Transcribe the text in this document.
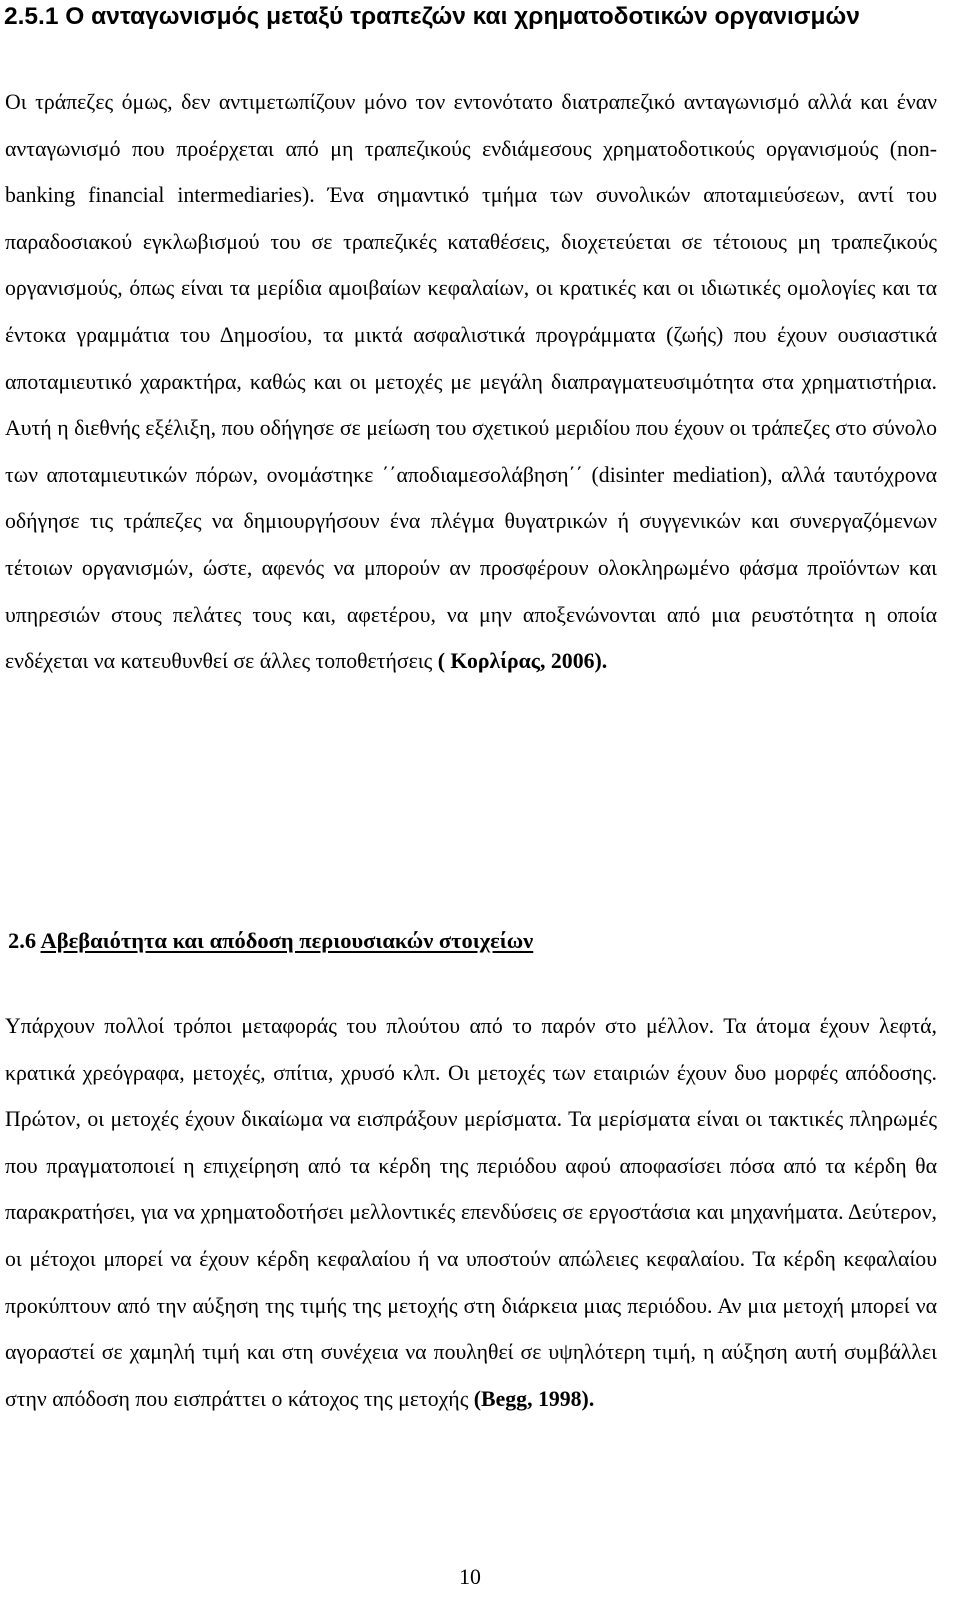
2.5.1 Ο ανταγωνισμός μεταξύ τραπεζών και χρηματοδοτικών οργανισμών
Οι τράπεζες όμως, δεν αντιμετωπίζουν μόνο τον εντονότατο διατραπεζικό ανταγωνισμό αλλά και έναν ανταγωνισμό που προέρχεται από μη τραπεζικούς ενδιάμεσους χρηματοδοτικούς οργανισμούς (non-banking financial intermediaries). Ένα σημαντικό τμήμα των συνολικών αποταμιεύσεων, αντί του παραδοσιακού εγκλωβισμού του σε τραπεζικές καταθέσεις, διοχετεύεται σε τέτοιους μη τραπεζικούς οργανισμούς, όπως είναι τα μερίδια αμοιβαίων κεφαλαίων, οι κρατικές και οι ιδιωτικές ομολογίες και τα έντοκα γραμμάτια του Δημοσίου, τα μικτά ασφαλιστικά προγράμματα (ζωής) που έχουν ουσιαστικά αποταμιευτικό χαρακτήρα, καθώς και οι μετοχές με μεγάλη διαπραγματευσιμότητα στα χρηματιστήρια. Αυτή η διεθνής εξέλιξη, που οδήγησε σε μείωση του σχετικού μεριδίου που έχουν οι τράπεζες στο σύνολο των αποταμιευτικών πόρων, ονομάστηκε ΄΄αποδιαμεσολάβηση΄΄ (disinter mediation), αλλά ταυτόχρονα οδήγησε τις τράπεζες να δημιουργήσουν ένα πλέγμα θυγατρικών ή συγγενικών και συνεργαζόμενων τέτοιων οργανισμών, ώστε, αφενός να μπορούν αν προσφέρουν ολοκληρωμένο φάσμα προϊόντων και υπηρεσιών στους πελάτες τους και, αφετέρου, να μην αποξενώνονται από μια ρευστότητα η οποία ενδέχεται να κατευθυνθεί σε άλλες τοποθετήσεις ( Κορλίρας, 2006).
2.6 Αβεβαιότητα και απόδοση περιουσιακών στοιχείων
Υπάρχουν πολλοί τρόποι μεταφοράς του πλούτου από το παρόν στο μέλλον. Τα άτομα έχουν λεφτά, κρατικά χρεόγραφα, μετοχές, σπίτια, χρυσό κλπ. Οι μετοχές των εταιριών έχουν δυο μορφές απόδοσης. Πρώτον, οι μετοχές έχουν δικαίωμα να εισπράξουν μερίσματα. Τα μερίσματα είναι οι τακτικές πληρωμές που πραγματοποιεί η επιχείρηση από τα κέρδη της περιόδου αφού αποφασίσει πόσα από τα κέρδη θα παρακρατήσει, για να χρηματοδοτήσει μελλοντικές επενδύσεις σε εργοστάσια και μηχανήματα. Δεύτερον, οι μέτοχοι μπορεί να έχουν κέρδη κεφαλαίου ή να υποστούν απώλειες κεφαλαίου. Τα κέρδη κεφαλαίου προκύπτουν από την αύξηση της τιμής της μετοχής στη διάρκεια μιας περιόδου. Αν μια μετοχή μπορεί να αγοραστεί σε χαμηλή τιμή και στη συνέχεια να πουληθεί σε υψηλότερη τιμή, η αύξηση αυτή συμβάλλει στην απόδοση που εισπράττει ο κάτοχος της μετοχής (Begg, 1998).
10
